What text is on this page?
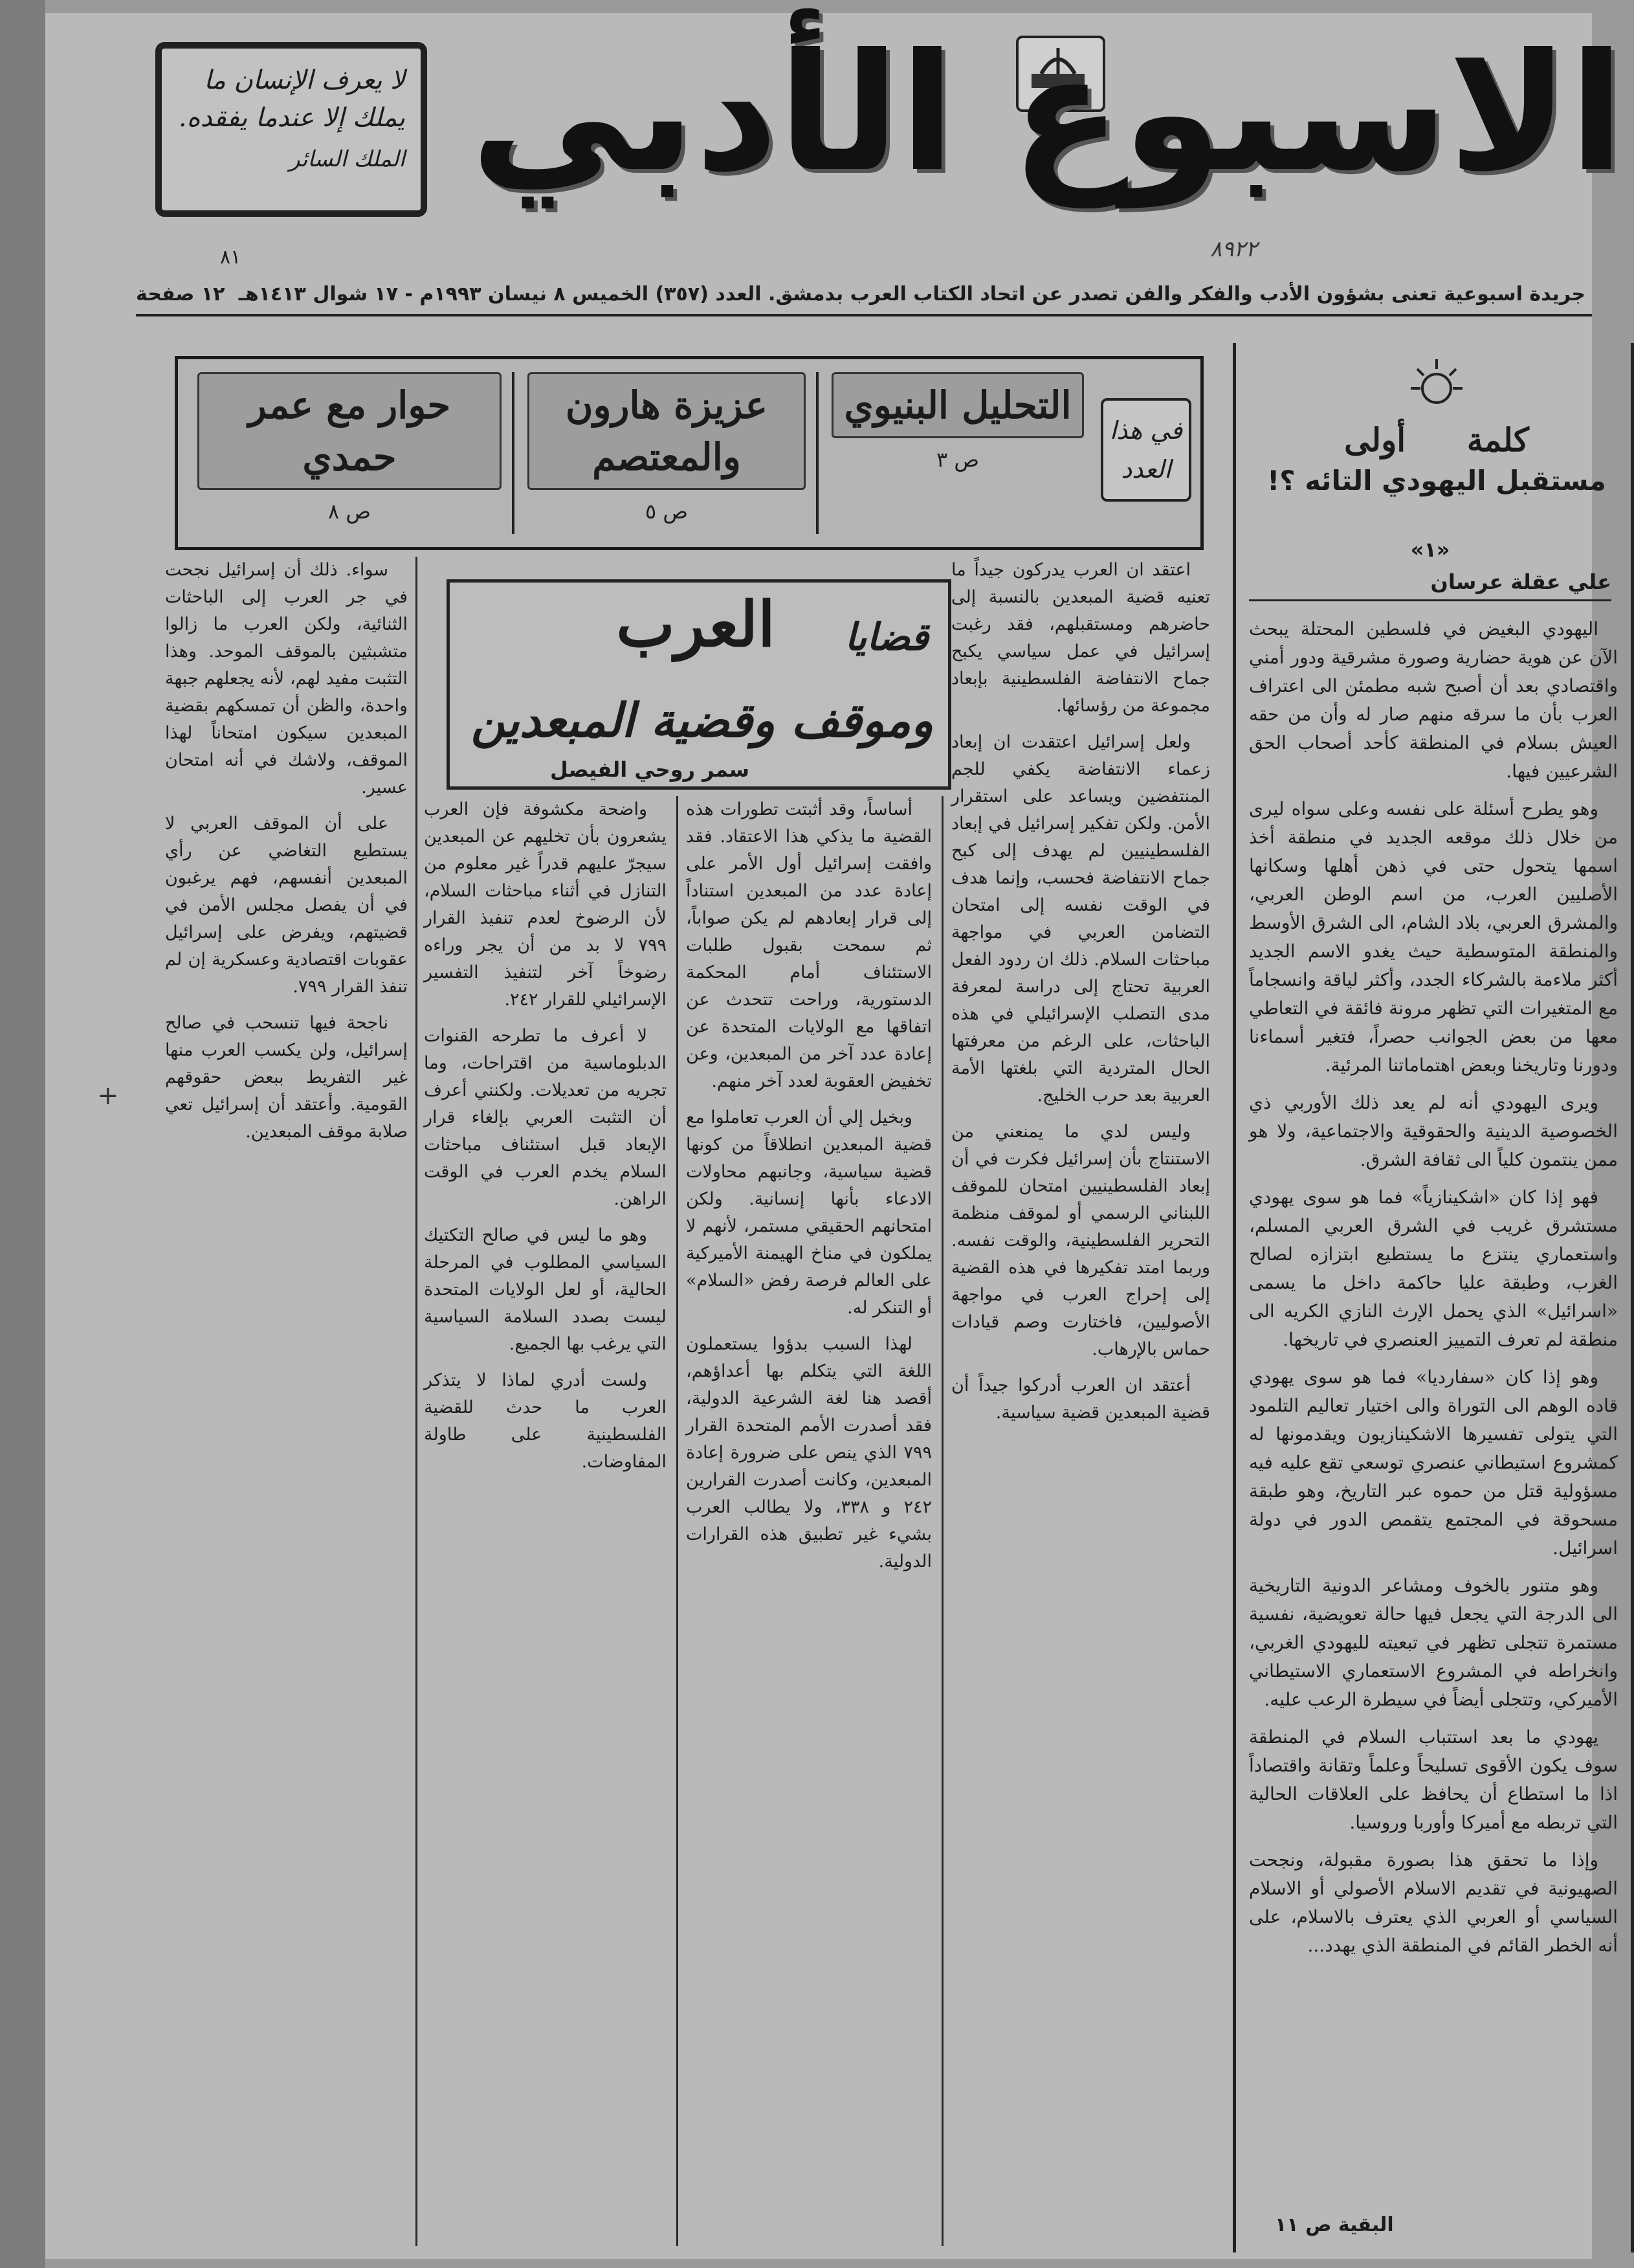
لا يعرف الإنسان ما يملك إلا عندما يفقده.
الملك السائر الاسبوع الأدبي
٨٩٢٢
٨١
جريدة اسبوعية تعنى بشؤون الأدب والفكر والفن تصدر عن اتحاد الكتاب العرب بدمشق. العدد (٣٥٧) الخميس ٨ نيسان ١٩٩٣م - ١٧ شوال ١٤١٣هـ
١٢ صفحة
في هذا العدد
التحليل البنيوي
ص ٣
عزيزة هارون والمعتصم
ص ٥
حوار مع عمر حمدي
ص ٨
كلمة أولى
مستقبل اليهودي التائه ؟!
«١»
علي عقلة عرسان

اليهودي البغيض في فلسطين المحتلة يبحث الآن عن هوية حضارية وصورة مشرقية ودور أمني واقتصادي بعد أن أصبح شبه مطمئن الى اعتراف العرب بأن ما سرقه منهم صار له وأن من حقه العيش بسلام في المنطقة كأحد أصحاب الحق الشرعيين فيها.

وهو يطرح أسئلة على نفسه وعلى سواه ليرى من خلال ذلك موقعه الجديد في منطقة أخذ اسمها يتحول حتى في ذهن أهلها وسكانها الأصليين العرب، من اسم الوطن العربي، والمشرق العربي، بلاد الشام، الى الشرق الأوسط والمنطقة المتوسطية حيث يغدو الاسم الجديد أكثر ملاءمة بالشركاء الجدد، وأكثر لياقة وانسجاماً مع المتغيرات التي تظهر مرونة فائقة في التعاطي معها من بعض الجوانب حصراً، فتغير أسماءنا ودورنا وتاريخنا وبعض اهتماماتنا المرئية.

ويرى اليهودي أنه لم يعد ذلك الأوربي ذي الخصوصية الدينية والحقوقية والاجتماعية، ولا هو ممن ينتمون كلياً الى ثقافة الشرق.

فهو إذا كان «اشكينازياً» فما هو سوى يهودي مستشرق غريب في الشرق العربي المسلم، واستعماري ينتزع ما يستطيع ابتزازه لصالح الغرب، وطبقة عليا حاكمة داخل ما يسمى «اسرائيل» الذي يحمل الإرث النازي الكريه الى منطقة لم تعرف التمييز العنصري في تاريخها.

وهو إذا كان «سفارديا» فما هو سوى يهودي قاده الوهم الى التوراة والى اختيار تعاليم التلمود التي يتولى تفسيرها الاشكينازيون ويقدمونها له كمشروع استيطاني عنصري توسعي تقع عليه فيه مسؤولية قتل من حموه عبر التاريخ، وهو طبقة مسحوقة في المجتمع يتقمص الدور في دولة اسرائيل.

وهو متنور بالخوف ومشاعر الدونية التاريخية الى الدرجة التي يجعل فيها حالة تعويضية، نفسية مستمرة تتجلى تظهر في تبعيته لليهودي الغربي، وانخراطه في المشروع الاستعماري الاستيطاني الأميركي، وتتجلى أيضاً في سيطرة الرعب عليه.

يهودي ما بعد استتباب السلام في المنطقة سوف يكون الأقوى تسليحاً وعلماً وتقانة واقتصاداً اذا ما استطاع أن يحافظ على العلاقات الحالية التي تربطه مع أميركا وأوربا وروسيا.

وإذا ما تحقق هذا بصورة مقبولة، ونجحت الصهيونية في تقديم الاسلام الأصولي أو الاسلام السياسي أو العربي الذي يعترف بالاسلام، على أنه الخطر القائم في المنطقة الذي يهدد...

البقية ص ١١
قضايا
العرب
وموقف وقضية المبعدين
سمر روحي الفيصل

اعتقد ان العرب يدركون جيداً ما تعنيه قضية المبعدين بالنسبة إلى حاضرهم ومستقبلهم، فقد رغبت إسرائيل في عمل سياسي يكبح جماح الانتفاضة الفلسطينية بإبعاد مجموعة من رؤسائها.

ولعل إسرائيل اعتقدت ان إبعاد زعماء الانتفاضة يكفي للجم المنتفضين ويساعد على استقرار الأمن. ولكن تفكير إسرائيل في إبعاد الفلسطينيين لم يهدف إلى كبح جماح الانتفاضة فحسب، وإنما هدف في الوقت نفسه إلى امتحان التضامن العربي في مواجهة مباحثات السلام. ذلك ان ردود الفعل العربية تحتاج إلى دراسة لمعرفة مدى التصلب الإسرائيلي في هذه الباحثات، على الرغم من معرفتها الحال المتردية التي بلغتها الأمة العربية بعد حرب الخليج.

وليس لدي ما يمنعني من الاستنتاج بأن إسرائيل فكرت في أن إبعاد الفلسطينيين امتحان للموقف اللبناني الرسمي أو لموقف منظمة التحرير الفلسطينية، والوقت نفسه. وربما امتد تفكيرها في هذه القضية إلى إحراج العرب في مواجهة الأصوليين، فاختارت وصم قيادات حماس بالإرهاب.

أعتقد ان العرب أدركوا جيداً أن قضية المبعدين قضية سياسية.

أساساً، وقد أثبتت تطورات هذه القضية ما يذكي هذا الاعتقاد. فقد وافقت إسرائيل أول الأمر على إعادة عدد من المبعدين استناداً إلى قرار إبعادهم لم يكن صواباً، ثم سمحت بقبول طلبات الاستئناف أمام المحكمة الدستورية، وراحت تتحدث عن اتفاقها مع الولايات المتحدة عن إعادة عدد آخر من المبعدين، وعن تخفيض العقوبة لعدد آخر منهم.

وبخيل إلي أن العرب تعاملوا مع قضية المبعدين انطلاقاً من كونها قضية سياسية، وجانبهم محاولات الادعاء بأنها إنسانية. ولكن امتحانهم الحقيقي مستمر، لأنهم لا يملكون في مناخ الهيمنة الأميركية على العالم فرصة رفض «السلام» أو التنكر له.

لهذا السبب بدؤوا يستعملون اللغة التي يتكلم بها أعداؤهم، أقصد هنا لغة الشرعية الدولية، فقد أصدرت الأمم المتحدة القرار ٧٩٩ الذي ينص على ضرورة إعادة المبعدين، وكانت أصدرت القرارين ٢٤٢ و ٣٣٨، ولا يطالب العرب بشيء غير تطبيق هذه القرارات الدولية.

واضحة مكشوفة فإن العرب يشعرون بأن تخليهم عن المبعدين سيجرّ عليهم قدراً غير معلوم من التنازل في أثناء مباحثات السلام، لأن الرضوخ لعدم تنفيذ القرار ٧٩٩ لا بد من أن يجر وراءه رضوخاً آخر لتنفيذ التفسير الإسرائيلي للقرار ٢٤٢.

لا أعرف ما تطرحه القنوات الدبلوماسية من اقتراحات، وما تجريه من تعديلات. ولكنني أعرف أن التثبت العربي بإلغاء قرار الإبعاد قبل استئناف مباحثات السلام يخدم العرب في الوقت الراهن.

وهو ما ليس في صالح التكتيك السياسي المطلوب في المرحلة الحالية، أو لعل الولايات المتحدة ليست بصدد السلامة السياسية التي يرغب بها الجميع.

ولست أدري لماذا لا يتذكر العرب ما حدث للقضية الفلسطينية على طاولة المفاوضات.

سواء. ذلك أن إسرائيل نجحت في جر العرب إلى الباحثات الثنائية، ولكن العرب ما زالوا متشبثين بالموقف الموحد. وهذا التثبت مفيد لهم، لأنه يجعلهم جبهة واحدة، والظن أن تمسكهم بقضية المبعدين سيكون امتحاناً لهذا الموقف، ولاشك في أنه امتحان عسير.

على أن الموقف العربي لا يستطيع التغاضي عن رأي المبعدين أنفسهم، فهم يرغبون في أن يفصل مجلس الأمن في قضيتهم، ويفرض على إسرائيل عقوبات اقتصادية وعسكرية إن لم تنفذ القرار ٧٩٩.

ناجحة فيها تنسحب في صالح إسرائيل، ولن يكسب العرب منها غير التفريط ببعض حقوقهم القومية. وأعتقد أن إسرائيل تعي صلابة موقف المبعدين.

+
